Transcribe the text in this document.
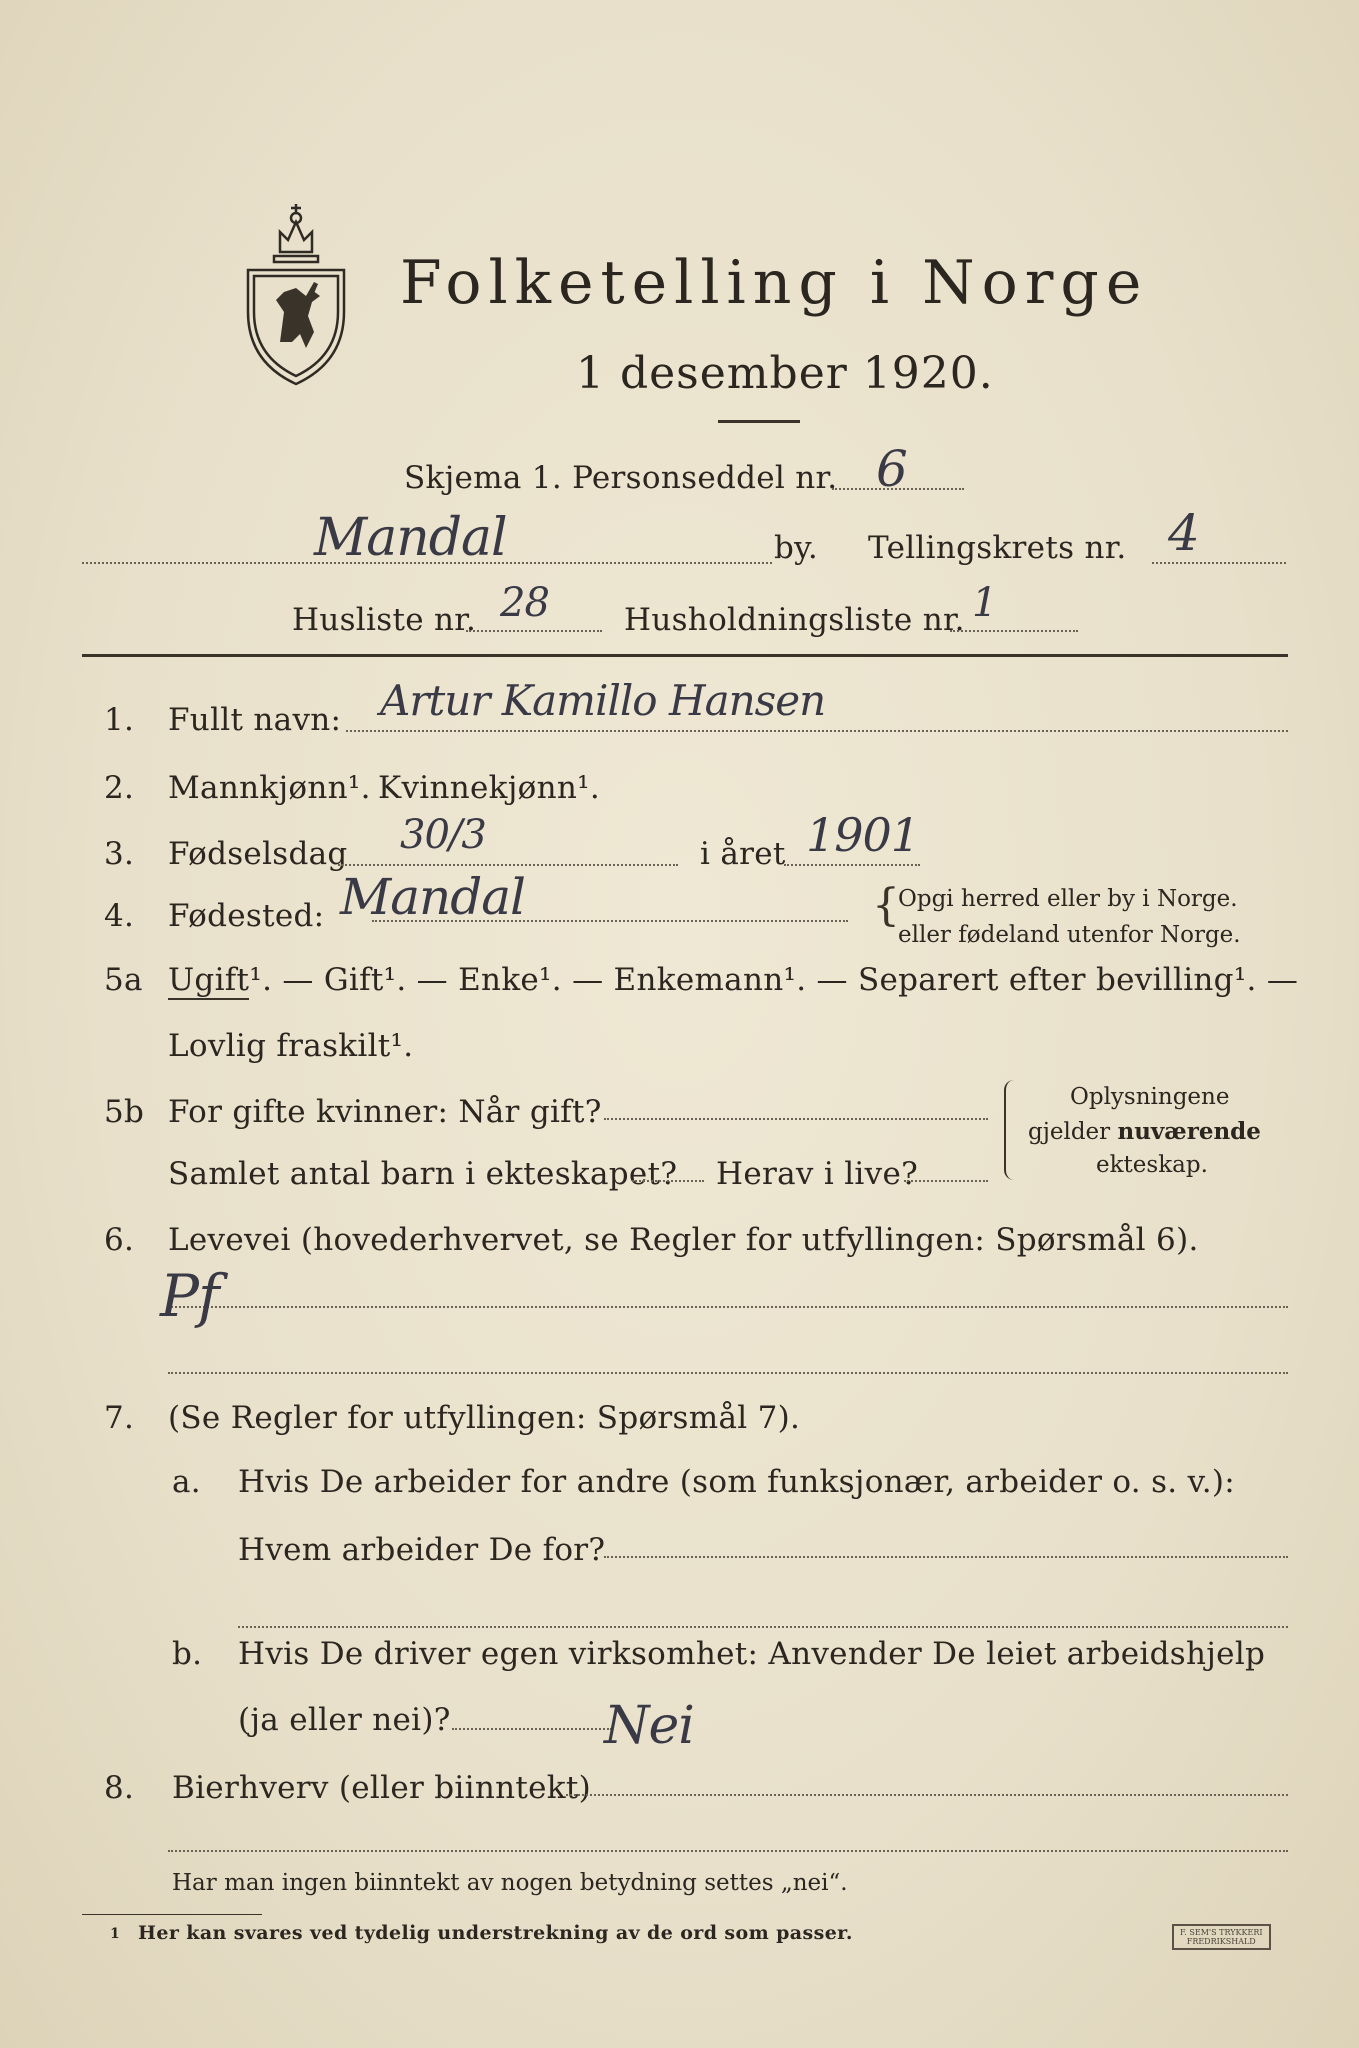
Folketelling i Norge
1 desember 1920.
Skjema 1. Personseddel nr. 6
Mandal	by. Tellingskrets nr. 4
Husliste nr. 28 Husholdningsliste nr. 1
1. Fullt navn: Artur Kamillo Hansen
2. Mannkjønn¹. Kvinnekjønn¹.
3. Fødselsdag 30/3	i året 1901
4. Fødested: Mandal	{
Opgi herred eller by i Norge.
eller fødeland utenfor Norge.
5a Ugift¹. — Gift¹. — Enke¹. — Enkemann¹. — Separert efter bevilling¹. —
Lovlig fraskilt¹.
5b For gifte kvinner: Når gift?
Samlet antal barn i ekteskapet? Herav i live?
Oplysningene
gjelder nuværende
ekteskap.
6. Levevei (hovederhvervet, se Regler for utfyllingen: Spørsmål 6).
Pf
7. (Se Regler for utfyllingen: Spørsmål 7).
a. Hvis De arbeider for andre (som funksjonær, arbeider o. s. v.):
Hvem arbeider De for?
b. Hvis De driver egen virksomhet: Anvender De leiet arbeidshjelp
(ja eller nei)?	Nei
8. Bierhverv (eller biinntekt)
Har man ingen biinntekt av nogen betydning settes „nei“.
1 Her kan svares ved tydelig understrekning av de ord som passer.	F. SEM'S TRYKKERI
FREDRIKSHALD
